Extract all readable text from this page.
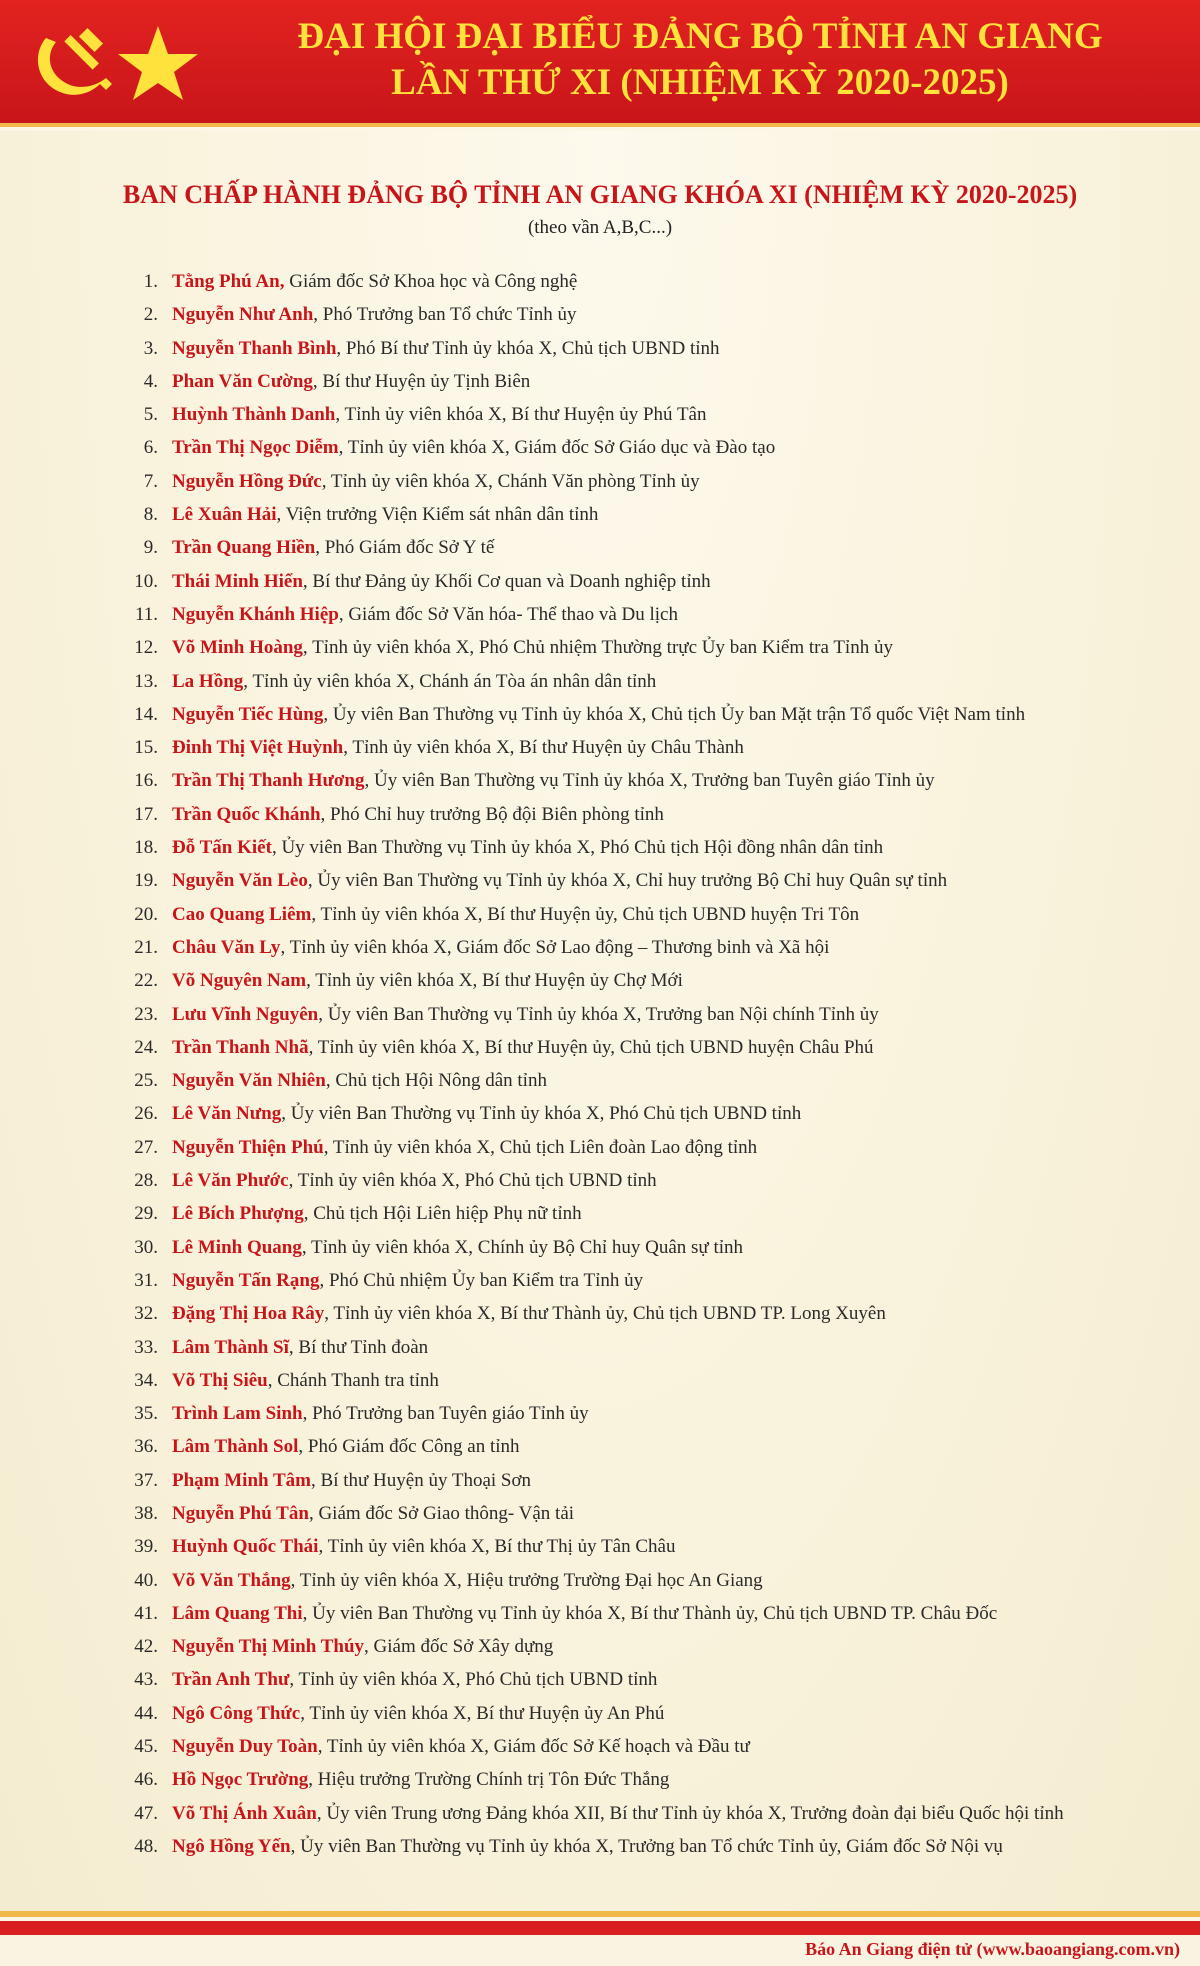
ĐẠI HỘI ĐẠI BIỂU ĐẢNG BỘ TỈNH AN GIANG
LẦN THỨ XI (NHIỆM KỲ 2020-2025)
BAN CHẤP HÀNH ĐẢNG BỘ TỈNH AN GIANG KHÓA XI (NHIỆM KỲ 2020-2025)
(theo vần A,B,C...)
1. Tằng Phú An, Giám đốc Sở Khoa học và Công nghệ
2. Nguyễn Như Anh, Phó Trưởng ban Tổ chức Tỉnh ủy
3. Nguyễn Thanh Bình, Phó Bí thư Tỉnh ủy khóa X, Chủ tịch UBND tỉnh
4. Phan Văn Cường, Bí thư Huyện ủy Tịnh Biên
5. Huỳnh Thành Danh, Tỉnh ủy viên khóa X, Bí thư Huyện ủy Phú Tân
6. Trần Thị Ngọc Diễm, Tỉnh ủy viên khóa X, Giám đốc Sở Giáo dục và Đào tạo
7. Nguyễn Hồng Đức, Tỉnh ủy viên khóa X, Chánh Văn phòng Tỉnh ủy
8. Lê Xuân Hải, Viện trưởng Viện Kiểm sát nhân dân tỉnh
9. Trần Quang Hiền, Phó Giám đốc Sở Y tế
10. Thái Minh Hiển, Bí thư Đảng ủy Khối Cơ quan và Doanh nghiệp tỉnh
11. Nguyễn Khánh Hiệp, Giám đốc Sở Văn hóa- Thể thao và Du lịch
12. Võ Minh Hoàng, Tỉnh ủy viên khóa X, Phó Chủ nhiệm Thường trực Ủy ban Kiểm tra Tỉnh ủy
13. La Hồng, Tỉnh ủy viên khóa X, Chánh án Tòa án nhân dân tỉnh
14. Nguyễn Tiếc Hùng, Ủy viên Ban Thường vụ Tỉnh ủy khóa X, Chủ tịch Ủy ban Mặt trận Tổ quốc Việt Nam tỉnh
15. Đinh Thị Việt Huỳnh, Tỉnh ủy viên khóa X, Bí thư Huyện ủy Châu Thành
16. Trần Thị Thanh Hương, Ủy viên Ban Thường vụ Tỉnh ủy khóa X, Trưởng ban Tuyên giáo Tỉnh ủy
17. Trần Quốc Khánh, Phó Chỉ huy trưởng Bộ đội Biên phòng tỉnh
18. Đỗ Tấn Kiết, Ủy viên Ban Thường vụ Tỉnh ủy khóa X, Phó Chủ tịch Hội đồng nhân dân tỉnh
19. Nguyễn Văn Lèo, Ủy viên Ban Thường vụ Tỉnh ủy khóa X, Chỉ huy trưởng Bộ Chỉ huy Quân sự tỉnh
20. Cao Quang Liêm, Tỉnh ủy viên khóa X, Bí thư Huyện ủy, Chủ tịch UBND huyện Tri Tôn
21. Châu Văn Ly, Tỉnh ủy viên khóa X, Giám đốc Sở Lao động – Thương binh và Xã hội
22. Võ Nguyên Nam, Tỉnh ủy viên khóa X, Bí thư Huyện ủy Chợ Mới
23. Lưu Vĩnh Nguyên, Ủy viên Ban Thường vụ Tỉnh ủy khóa X, Trưởng ban Nội chính Tỉnh ủy
24. Trần Thanh Nhã, Tỉnh ủy viên khóa X, Bí thư Huyện ủy, Chủ tịch UBND huyện Châu Phú
25. Nguyễn Văn Nhiên, Chủ tịch Hội Nông dân tỉnh
26. Lê Văn Nưng, Ủy viên Ban Thường vụ Tỉnh ủy khóa X, Phó Chủ tịch UBND tỉnh
27. Nguyễn Thiện Phú, Tỉnh ủy viên khóa X, Chủ tịch Liên đoàn Lao động tỉnh
28. Lê Văn Phước, Tỉnh ủy viên khóa X, Phó Chủ tịch UBND tỉnh
29. Lê Bích Phượng, Chủ tịch Hội Liên hiệp Phụ nữ tỉnh
30. Lê Minh Quang, Tỉnh ủy viên khóa X, Chính ủy Bộ Chỉ huy Quân sự tỉnh
31. Nguyễn Tấn Rạng, Phó Chủ nhiệm Ủy ban Kiểm tra Tỉnh ủy
32. Đặng Thị Hoa Rây, Tỉnh ủy viên khóa X, Bí thư Thành ủy, Chủ tịch UBND TP. Long Xuyên
33. Lâm Thành Sĩ, Bí thư Tỉnh đoàn
34. Võ Thị Siêu, Chánh Thanh tra tỉnh
35. Trình Lam Sinh, Phó Trưởng ban Tuyên giáo Tỉnh ủy
36. Lâm Thành Sol, Phó Giám đốc Công an tỉnh
37. Phạm Minh Tâm, Bí thư Huyện ủy Thoại Sơn
38. Nguyễn Phú Tân, Giám đốc Sở Giao thông- Vận tải
39. Huỳnh Quốc Thái, Tỉnh ủy viên khóa X, Bí thư Thị ủy Tân Châu
40. Võ Văn Thắng, Tỉnh ủy viên khóa X, Hiệu trưởng Trường Đại học An Giang
41. Lâm Quang Thi, Ủy viên Ban Thường vụ Tỉnh ủy khóa X, Bí thư Thành ủy, Chủ tịch UBND TP. Châu Đốc
42. Nguyễn Thị Minh Thúy, Giám đốc Sở Xây dựng
43. Trần Anh Thư, Tỉnh ủy viên khóa X, Phó Chủ tịch UBND tỉnh
44. Ngô Công Thức, Tỉnh ủy viên khóa X, Bí thư Huyện ủy An Phú
45. Nguyễn Duy Toàn, Tỉnh ủy viên khóa X, Giám đốc Sở Kế hoạch và Đầu tư
46. Hồ Ngọc Trường, Hiệu trưởng Trường Chính trị Tôn Đức Thắng
47. Võ Thị Ánh Xuân, Ủy viên Trung ương Đảng khóa XII, Bí thư Tỉnh ủy khóa X, Trưởng đoàn đại biểu Quốc hội tỉnh
48. Ngô Hồng Yến, Ủy viên Ban Thường vụ Tỉnh ủy khóa X, Trưởng ban Tổ chức Tỉnh ủy, Giám đốc Sở Nội vụ
Báo An Giang điện tử (www.baoangiang.com.vn)
